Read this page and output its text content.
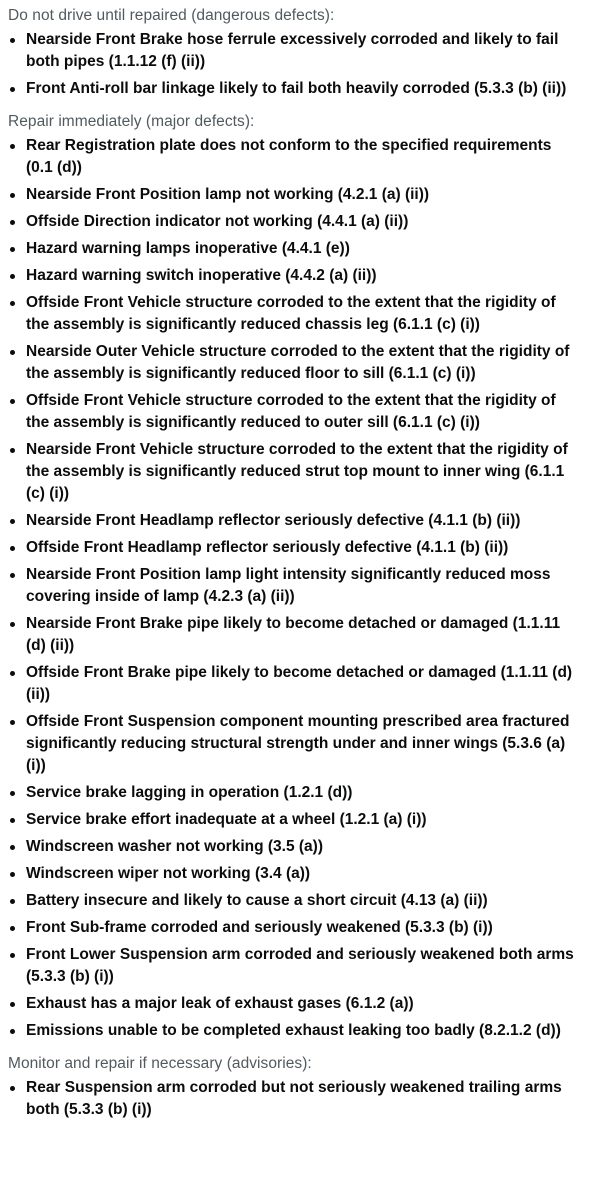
Do not drive until repaired (dangerous defects):

Nearside Front Brake hose ferrule excessively corroded and likely to fail both pipes (1.1.12 (f) (ii))
Front Anti-roll bar linkage likely to fail both heavily corroded (5.3.3 (b) (ii))

Repair immediately (major defects):

Rear Registration plate does not conform to the specified requirements (0.1 (d))
Nearside Front Position lamp not working (4.2.1 (a) (ii))
Offside Direction indicator not working (4.4.1 (a) (ii))
Hazard warning lamps inoperative (4.4.1 (e))
Hazard warning switch inoperative (4.4.2 (a) (ii))
Offside Front Vehicle structure corroded to the extent that the rigidity of the assembly is significantly reduced chassis leg (6.1.1 (c) (i))
Nearside Outer Vehicle structure corroded to the extent that the rigidity of the assembly is significantly reduced floor to sill (6.1.1 (c) (i))
Offside Front Vehicle structure corroded to the extent that the rigidity of the assembly is significantly reduced to outer sill (6.1.1 (c) (i))
Nearside Front Vehicle structure corroded to the extent that the rigidity of the assembly is significantly reduced strut top mount to inner wing (6.1.1 (c) (i))
Nearside Front Headlamp reflector seriously defective (4.1.1 (b) (ii))
Offside Front Headlamp reflector seriously defective (4.1.1 (b) (ii))
Nearside Front Position lamp light intensity significantly reduced moss covering inside of lamp (4.2.3 (a) (ii))
Nearside Front Brake pipe likely to become detached or damaged (1.1.11 (d) (ii))
Offside Front Brake pipe likely to become detached or damaged (1.1.11 (d) (ii))
Offside Front Suspension component mounting prescribed area fractured significantly reducing structural strength under and inner wings (5.3.6 (a) (i))
Service brake lagging in operation (1.2.1 (d))
Service brake effort inadequate at a wheel (1.2.1 (a) (i))
Windscreen washer not working (3.5 (a))
Windscreen wiper not working (3.4 (a))
Battery insecure and likely to cause a short circuit (4.13 (a) (ii))
Front Sub-frame corroded and seriously weakened (5.3.3 (b) (i))
Front Lower Suspension arm corroded and seriously weakened both arms (5.3.3 (b) (i))
Exhaust has a major leak of exhaust gases (6.1.2 (a))
Emissions unable to be completed exhaust leaking too badly (8.2.1.2 (d))

Monitor and repair if necessary (advisories):

Rear Suspension arm corroded but not seriously weakened trailing arms both (5.3.3 (b) (i))
